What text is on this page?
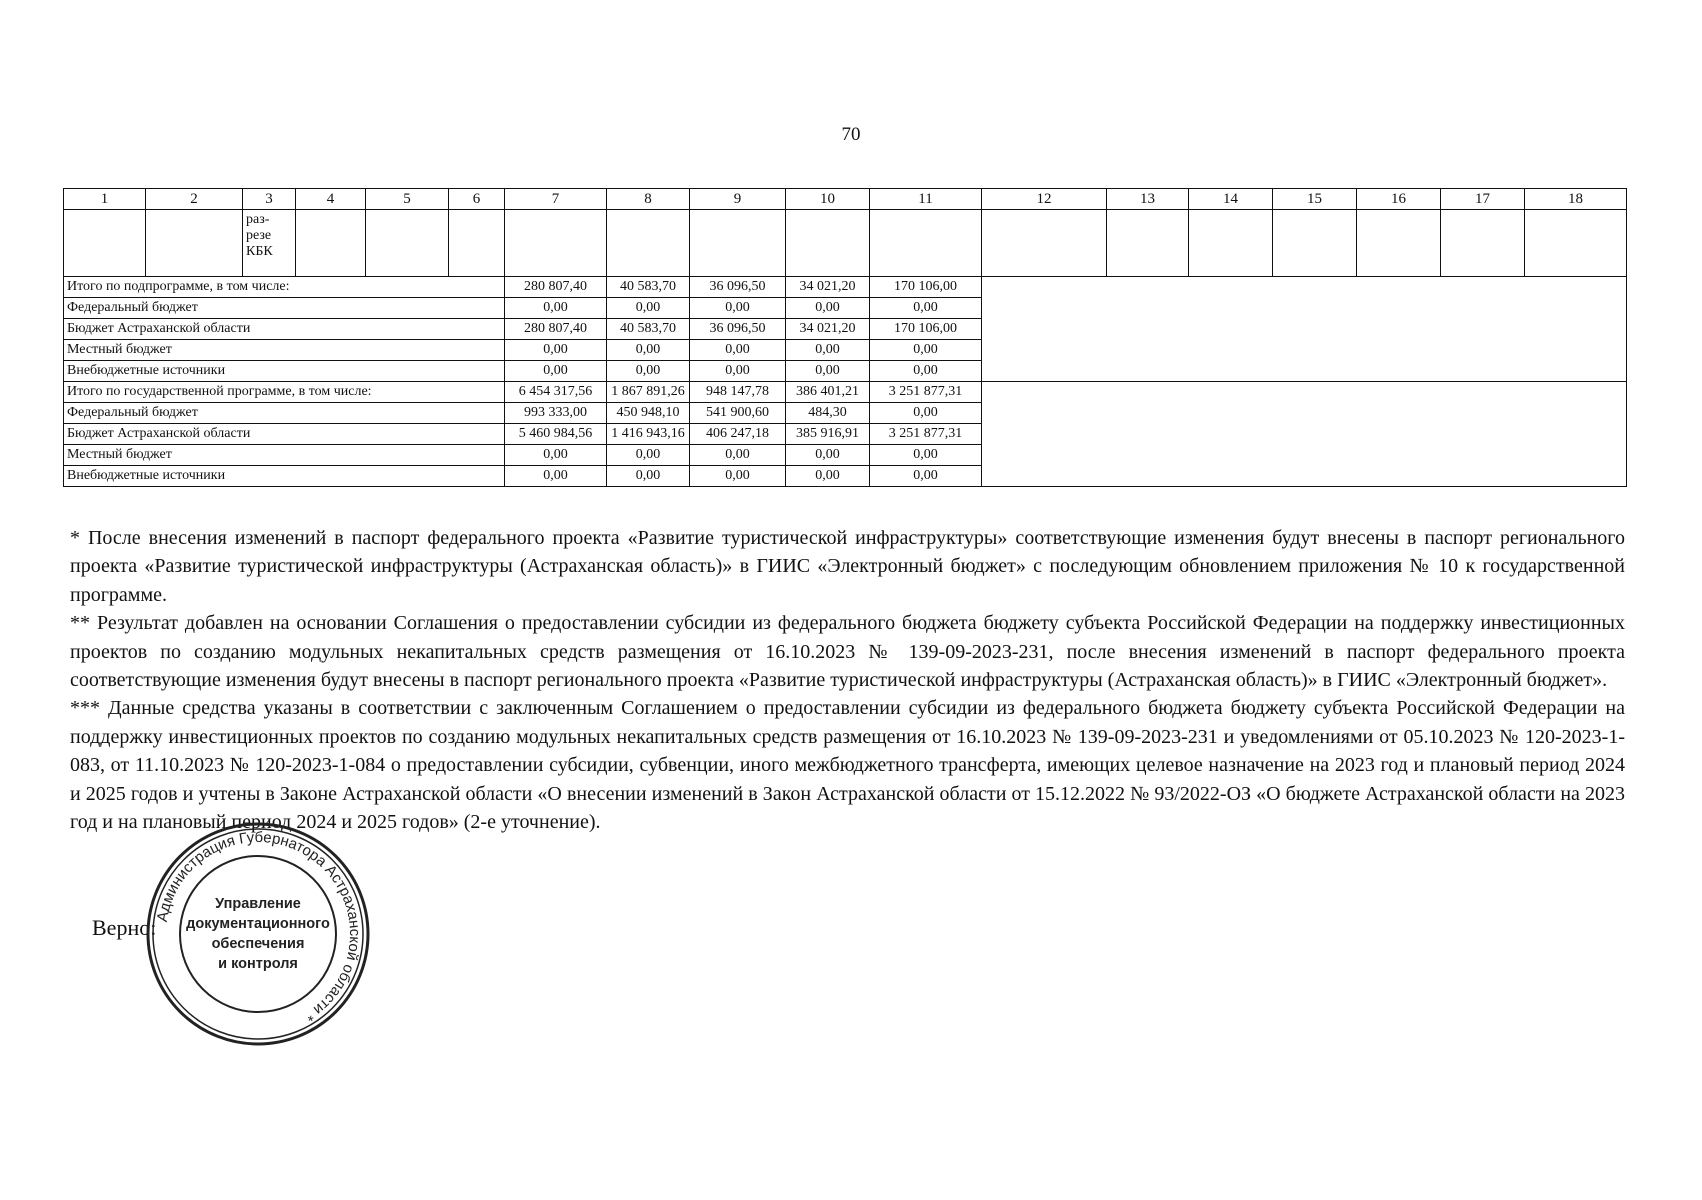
70
1	2	3	4	5	6	7	8	9	10	11	12	13	14	15	16	17	18
		раз-
резе
КБК															
Итого по подпрограмме, в том числе:						280 807,40	40 583,70	36 096,50	34 021,20	170 106,00							
Федеральный бюджет						0,00	0,00	0,00	0,00	0,00							
Бюджет Астраханской области						280 807,40	40 583,70	36 096,50	34 021,20	170 106,00							
Местный бюджет						0,00	0,00	0,00	0,00	0,00							
Внебюджетные источники						0,00	0,00	0,00	0,00	0,00							
Итого по государственной программе, в том числе:						6 454 317,56	1 867 891,26	948 147,78	386 401,21	3 251 877,31							
Федеральный бюджет						993 333,00	450 948,10	541 900,60	484,30	0,00							
Бюджет Астраханской области						5 460 984,56	1 416 943,16	406 247,18	385 916,91	3 251 877,31							
Местный бюджет						0,00	0,00	0,00	0,00	0,00							
Внебюджетные источники						0,00	0,00	0,00	0,00	0,00							

* После внесения изменений в паспорт федерального проекта «Развитие туристической инфраструктуры» соответствующие изменения будут внесены в паспорт регионального проекта «Развитие туристической инфраструктуры (Астраханская область)» в ГИИС «Электронный бюджет» с последующим обновлением приложения № 10 к государственной программе.

** Результат добавлен на основании Соглашения о предоставлении субсидии из федерального бюджета бюджету субъекта Российской Федерации на поддержку инвестиционных проектов по созданию модульных некапитальных средств размещения от 16.10.2023 № 139-09-2023-231, после внесения изменений в паспорт федерального проекта соответствующие изменения будут внесены в паспорт регионального проекта «Развитие туристической инфраструктуры (Астраханская область)» в ГИИС «Электронный бюджет».

*** Данные средства указаны в соответствии с заключенным Соглашением о предоставлении субсидии из федерального бюджета бюджету субъекта Российской Федерации на поддержку инвестиционных проектов по созданию модульных некапитальных средств размещения от 16.10.2023 № 139-09-2023-231 и уведомлениями от 05.10.2023 № 120-2023-1-083, от 11.10.2023 № 120-2023-1-084 о предоставлении субсидии, субвенции, иного межбюджетного трансферта, имеющих целевое назначение на 2023 год и плановый период 2024 и 2025 годов и учтены в Законе Астраханской области «О внесении изменений в Закон Астраханской области от 15.12.2022 № 93/2022-ОЗ «О бюджете Астраханской области на 2023 год и на плановый период 2024 и 2025 годов» (2-е уточнение).

Верно:
Администрация Губернатора Астраханской области *
Управление документационного обеспечения и контроля
